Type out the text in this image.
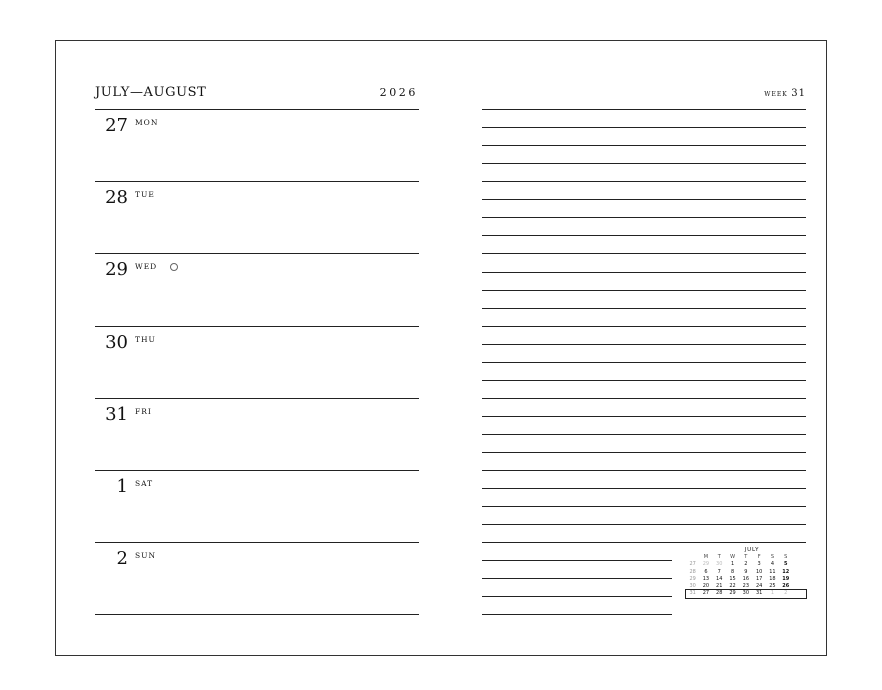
JULY—AUGUST	2026	week 31
27 MON
28 TUE
29 WED
30 THU
31 FRI
1 SAT
2 SUN
JULY
M	T	W	T	F	S	S
27	29	30	1	2	3	4	5
28	6	7	8	9	10	11	12
29	13	14	15	16	17	18	19
30	20	21	22	23	24	25	26
31	27	28	29	30	31	1	2
